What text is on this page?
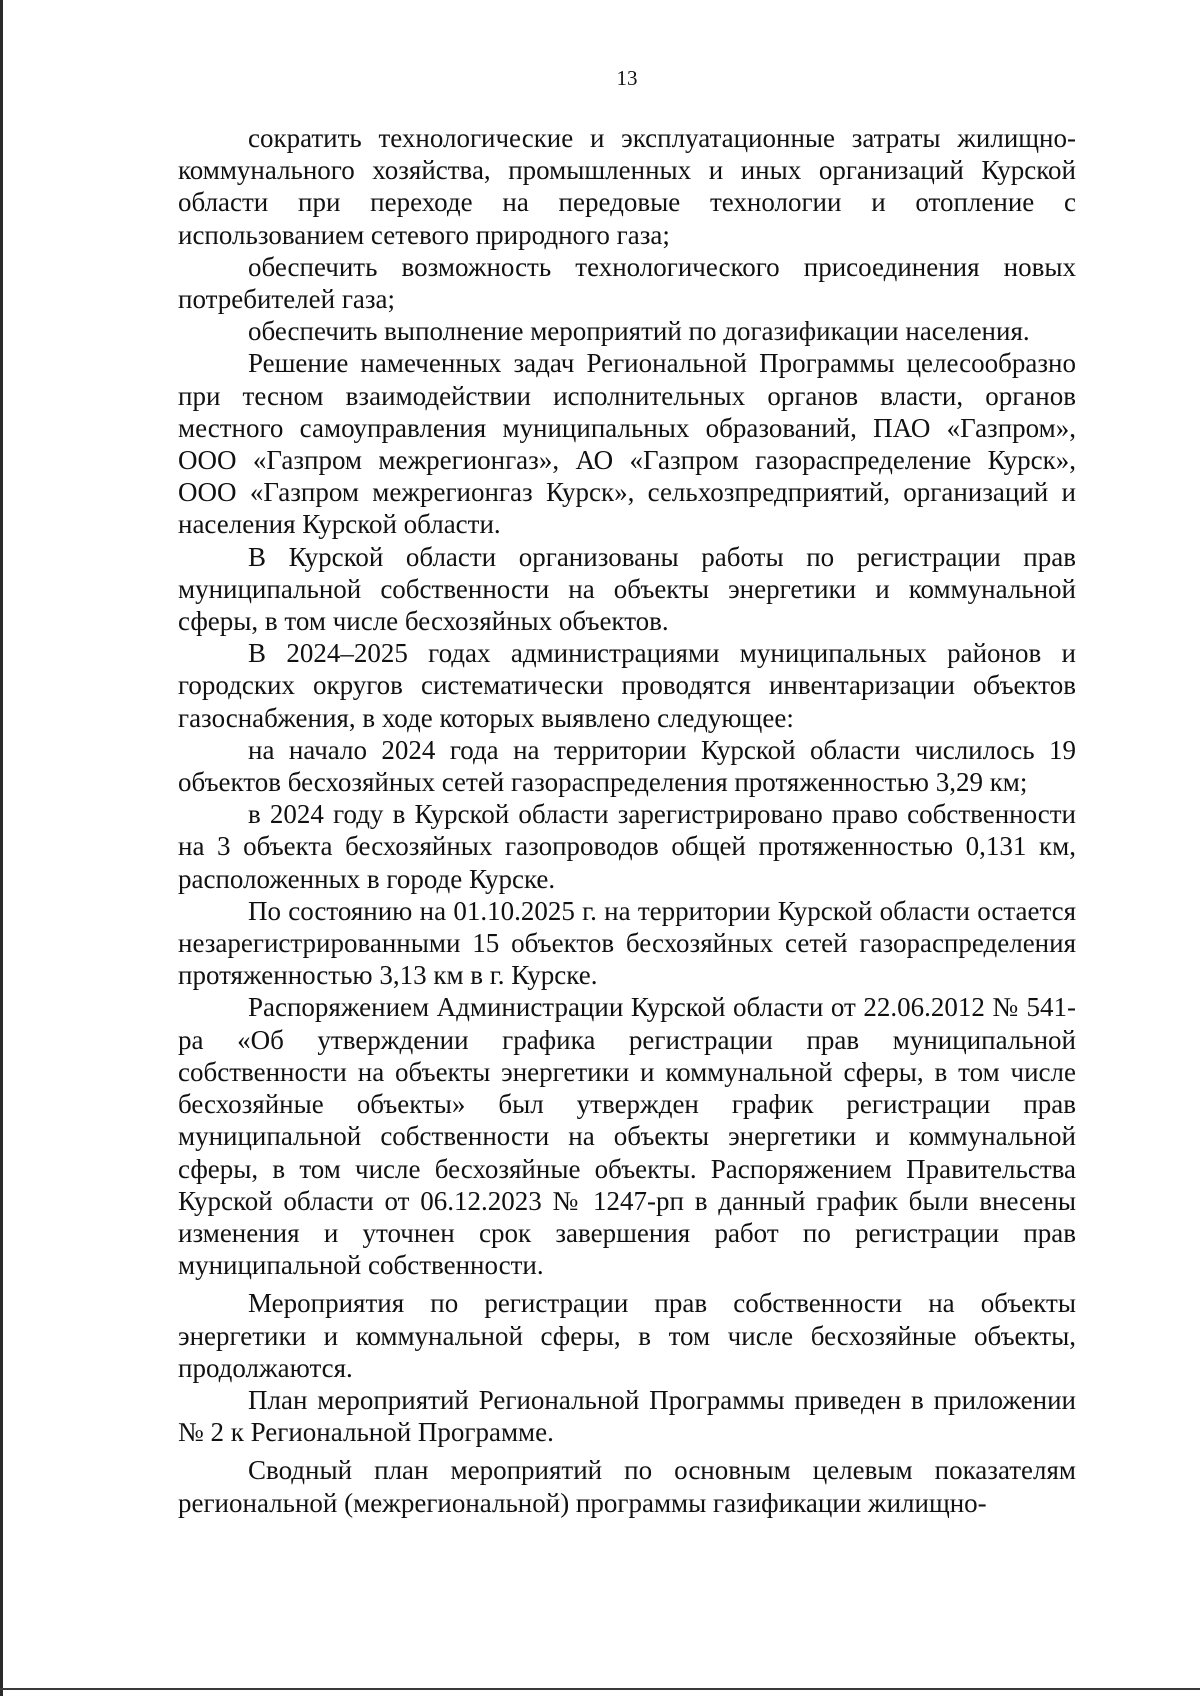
13

сократить технологические и эксплуатационные затраты жилищно-коммунального хозяйства, промышленных и иных организаций Курской области при переходе на передовые технологии и отопление с использованием сетевого природного газа;

обеспечить возможность технологического присоединения новых потребителей газа;

обеспечить выполнение мероприятий по догазификации населения.

Решение намеченных задач Региональной Программы целесообразно при тесном взаимодействии исполнительных органов власти, органов местного самоуправления муниципальных образований, ПАО «Газпром», ООО «Газпром межрегионгаз», АО «Газпром газораспределение Курск», ООО «Газпром межрегионгаз Курск», сельхозпредприятий, организаций и населения Курской области.

В Курской области организованы работы по регистрации прав муниципальной собственности на объекты энергетики и коммунальной сферы, в том числе бесхозяйных объектов.

В 2024–2025 годах администрациями муниципальных районов и городских округов систематически проводятся инвентаризации объектов газоснабжения, в ходе которых выявлено следующее:

на начало 2024 года на территории Курской области числилось 19 объектов бесхозяйных сетей газораспределения протяженностью 3,29 км;

в 2024 году в Курской области зарегистрировано право собственности на 3 объекта бесхозяйных газопроводов общей протяженностью 0,131 км, расположенных в городе Курске.

По состоянию на 01.10.2025 г. на территории Курской области остается незарегистрированными 15 объектов бесхозяйных сетей газораспределения протяженностью 3,13 км в г. Курске.

Распоряжением Администрации Курской области от 22.06.2012 № 541-ра «Об утверждении графика регистрации прав муниципальной собственности на объекты энергетики и коммунальной сферы, в том числе бесхозяйные объекты» был утвержден график регистрации прав муниципальной собственности на объекты энергетики и коммунальной сферы, в том числе бесхозяйные объекты. Распоряжением Правительства Курской области от 06.12.2023 № 1247-рп в данный график были внесены изменения и уточнен срок завершения работ по регистрации прав муниципальной собственности.

Мероприятия по регистрации прав собственности на объекты энергетики и коммунальной сферы, в том числе бесхозяйные объекты, продолжаются.

План мероприятий Региональной Программы приведен в приложении № 2 к Региональной Программе.

Сводный план мероприятий по основным целевым показателям региональной (межрегиональной) программы газификации жилищно-
